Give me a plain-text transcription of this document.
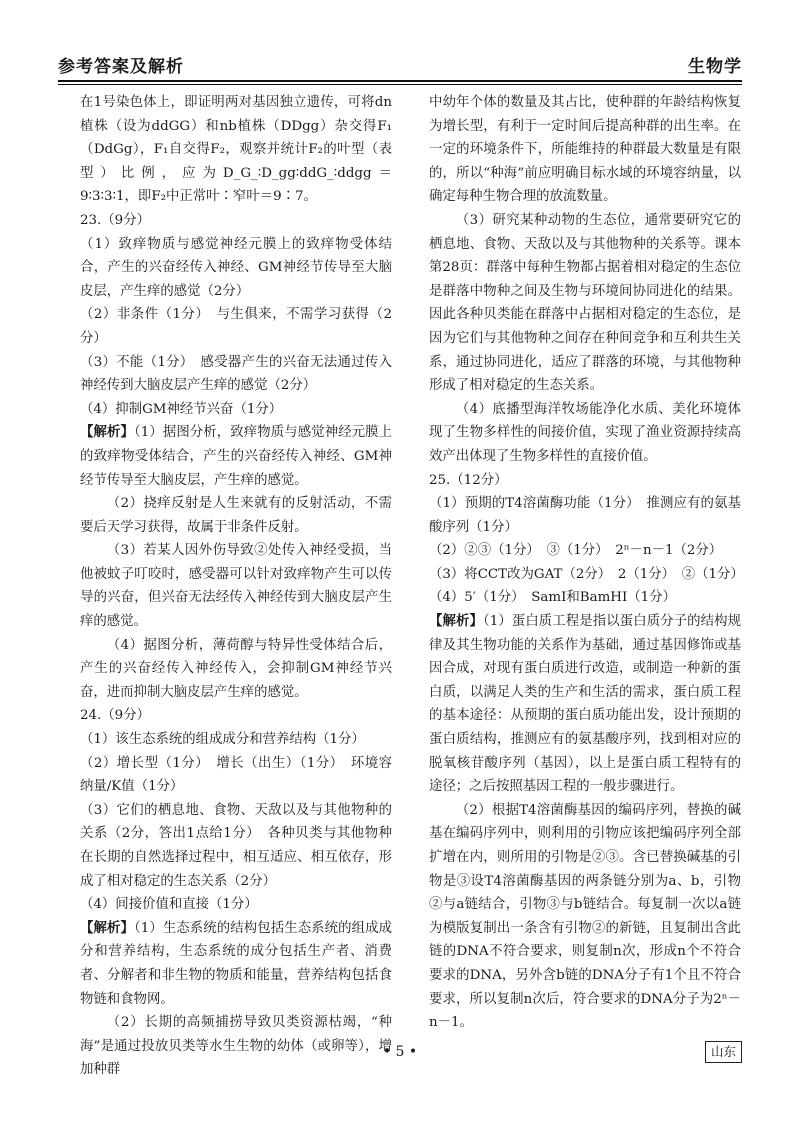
参考答案及解析	生物学

在1号染色体上，即证明两对基因独立遗传，可将dn植株（设为ddGG）和nb植株（DDgg）杂交得F₁（DdGg），F₁自交得F₂，观察并统计F₂的叶型（表型）比例，应为D_G_∶D_gg∶ddG_∶ddgg＝9∶3∶3∶1，即F₂中正常叶∶窄叶＝9∶7。

23.（9分）

（1）致痒物质与感觉神经元膜上的致痒物受体结合，产生的兴奋经传入神经、GM神经节传导至大脑皮层，产生痒的感觉（2分）

（2）非条件（1分）　与生俱来，不需学习获得（2分）

（3）不能（1分）　感受器产生的兴奋无法通过传入神经传到大脑皮层产生痒的感觉（2分）

（4）抑制GM神经节兴奋（1分）

【解析】（1）据图分析，致痒物质与感觉神经元膜上的致痒物受体结合，产生的兴奋经传入神经、GM神经节传导至大脑皮层，产生痒的感觉。

（2）挠痒反射是人生来就有的反射活动，不需要后天学习获得，故属于非条件反射。

（3）若某人因外伤导致②处传入神经受损，当他被蚊子叮咬时，感受器可以针对致痒物产生可以传导的兴奋，但兴奋无法经传入神经传到大脑皮层产生痒的感觉。

（4）据图分析，薄荷醇与特异性受体结合后，产生的兴奋经传入神经传入，会抑制GM神经节兴奋，进而抑制大脑皮层产生痒的感觉。

24.（9分）

（1）该生态系统的组成成分和营养结构（1分）

（2）增长型（1分）　增长（出生）（1分）　环境容纳量/K值（1分）

（3）它们的栖息地、食物、天敌以及与其他物种的关系（2分，答出1点给1分）　各种贝类与其他物种在长期的自然选择过程中，相互适应、相互依存，形成了相对稳定的生态关系（2分）

（4）间接价值和直接（1分）

【解析】（1）生态系统的结构包括生态系统的组成成分和营养结构，生态系统的成分包括生产者、消费者、分解者和非生物的物质和能量，营养结构包括食物链和食物网。

（2）长期的高频捕捞导致贝类资源枯竭，“种海”是通过投放贝类等水生生物的幼体（或卵等），增加种群

中幼年个体的数量及其占比，使种群的年龄结构恢复为增长型，有利于一定时间后提高种群的出生率。在一定的环境条件下，所能维持的种群最大数量是有限的，所以“种海”前应明确目标水域的环境容纳量，以确定每种生物合理的放流数量。

（3）研究某种动物的生态位，通常要研究它的栖息地、食物、天敌以及与其他物种的关系等。课本第28页：群落中每种生物都占据着相对稳定的生态位是群落中物种之间及生物与环境间协同进化的结果。因此各种贝类能在群落中占据相对稳定的生态位，是因为它们与其他物种之间存在种间竞争和互利共生关系，通过协同进化，适应了群落的环境，与其他物种形成了相对稳定的生态关系。

（4）底播型海洋牧场能净化水质、美化环境体现了生物多样性的间接价值，实现了渔业资源持续高效产出体现了生物多样性的直接价值。

25.（12分）

（1）预期的T4溶菌酶功能（1分）　推测应有的氨基酸序列（1分）

（2）②③（1分）　③（1分）　2ⁿ－n－1（2分）

（3）将CCT改为GAT（2分）　2（1分）　②（1分）

（4）5′（1分）　SamⅠ和BamHⅠ（1分）

【解析】（1）蛋白质工程是指以蛋白质分子的结构规律及其生物功能的关系作为基础，通过基因修饰或基因合成，对现有蛋白质进行改造，或制造一种新的蛋白质，以满足人类的生产和生活的需求，蛋白质工程的基本途径：从预期的蛋白质功能出发，设计预期的蛋白质结构，推测应有的氨基酸序列，找到相对应的脱氧核苷酸序列（基因），以上是蛋白质工程特有的途径；之后按照基因工程的一般步骤进行。

（2）根据T4溶菌酶基因的编码序列，替换的碱基在编码序列中，则利用的引物应该把编码序列全部扩增在内，则所用的引物是②③。含已替换碱基的引物是③设T4溶菌酶基因的两条链分别为a、b，引物②与a链结合，引物③与b链结合。每复制一次以a链为模版复制出一条含有引物②的新链，且复制出含此链的DNA不符合要求，则复制n次，形成n个不符合要求的DNA，另外含b链的DNA分子有1个且不符合要求，所以复制n次后，符合要求的DNA分子为2ⁿ－n－1。

• 5 •	山东
